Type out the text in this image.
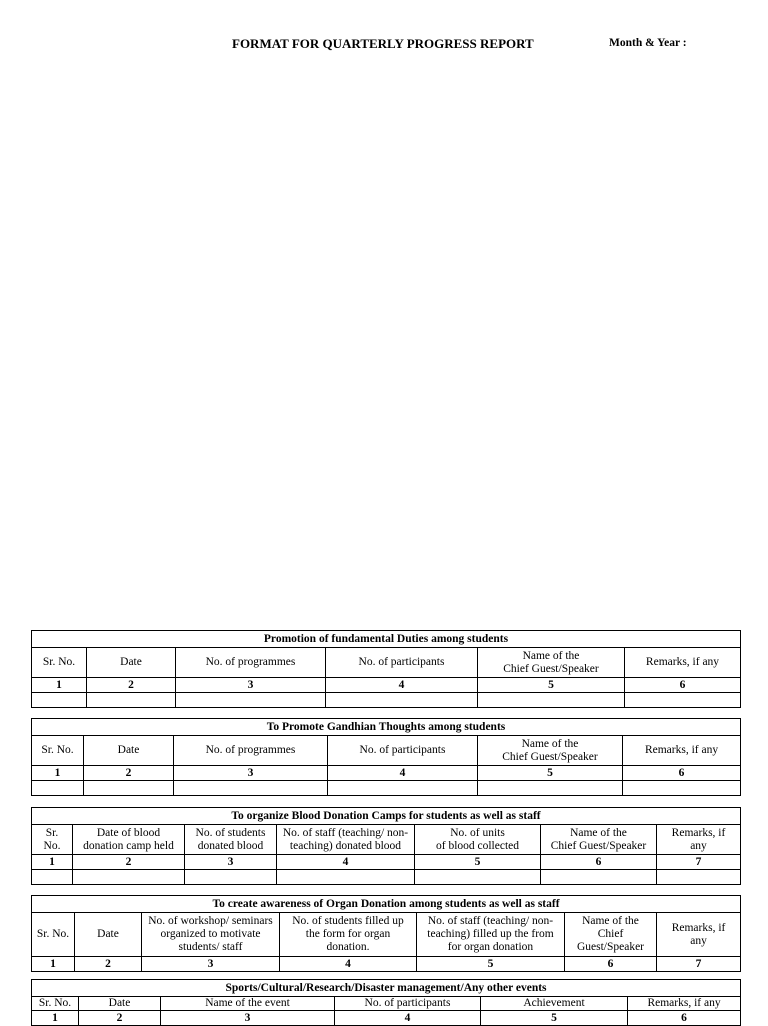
FORMAT FOR QUARTERLY PROGRESS REPORT	Month & Year :
Promotion of fundamental Duties among students					
Sr. No.	Date	No. of programmes	No. of participants	Name of the
Chief Guest/Speaker	Remarks, if any
1	2	3	4	5	6

To Promote Gandhian Thoughts among students					
Sr. No.	Date	No. of programmes	No. of participants	Name of the
Chief Guest/Speaker	Remarks, if any
1	2	3	4	5	6

To organize Blood Donation Camps for students as well as staff						
Sr.
No.	Date of blood
donation camp held	No. of students
donated blood	No. of staff (teaching/ non-
teaching) donated blood	No. of units
of blood collected	Name of the
Chief Guest/Speaker	Remarks, if
any
1	2	3	4	5	6	7

To create awareness of Organ Donation among students as well as staff						
Sr. No.	Date	No. of workshop/ seminars
organized to motivate
students/ staff	No. of students filled up
the form for organ
donation.	No. of staff (teaching/ non-
teaching) filled up the from
for organ donation	Name of the
Chief
Guest/Speaker	Remarks, if
any
1	2	3	4	5	6	7
Sports/Cultural/Research/Disaster management/Any other events					
Sr. No.	Date	Name of the event	No. of participants	Achievement	Remarks, if any
1	2	3	4	5	6
